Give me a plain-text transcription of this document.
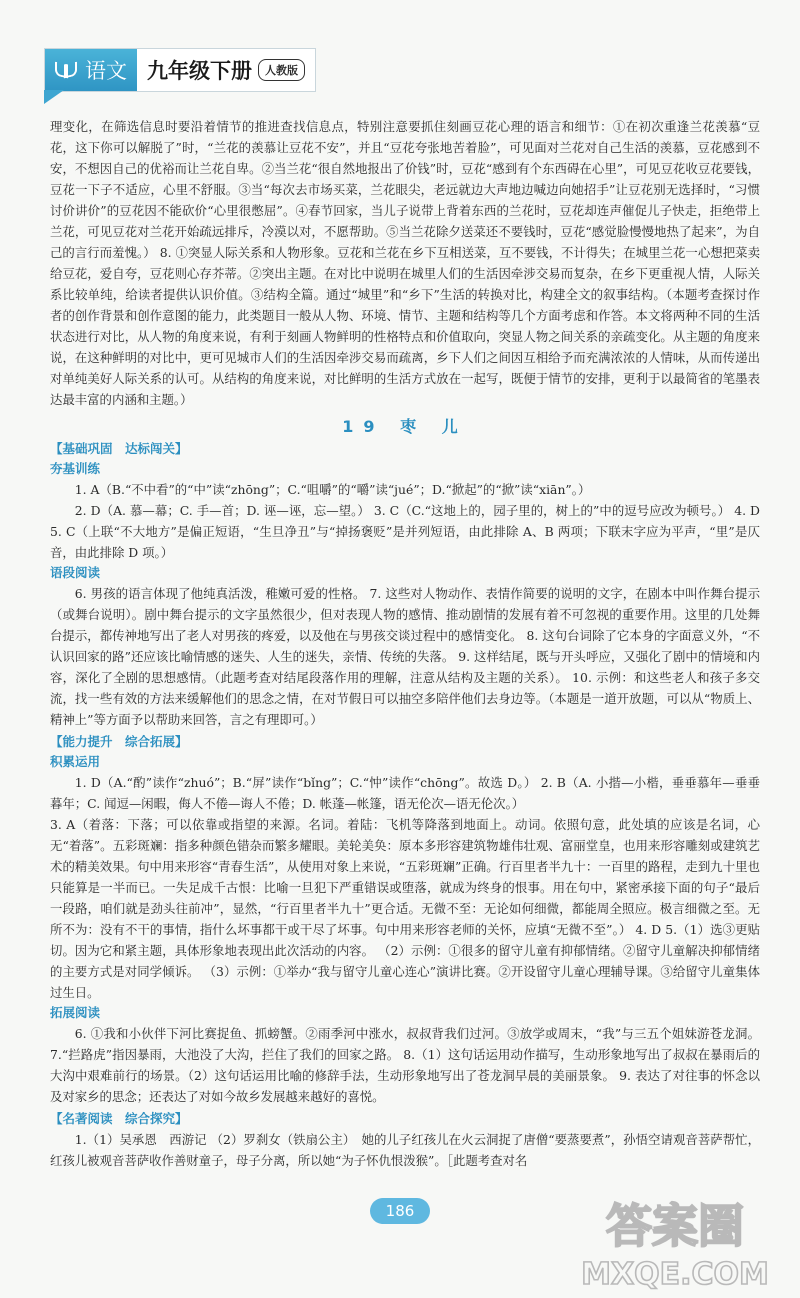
语文 九年级下册	人教版

理变化，在筛选信息时要沿着情节的推进查找信息点，特别注意要抓住刻画豆花心理的语言和细节：①在初次重逢兰花羡慕“豆花，这下你可以解脱了”时，“兰花的羡慕让豆花不安”，并且“豆花夸张地苦着脸”，可见面对兰花对自己生活的羡慕，豆花感到不安，不想因自己的优裕而让兰花自卑。②当兰花“很自然地报出了价钱”时，豆花“感到有个东西碍在心里”，可见豆花收豆花要钱，豆花一下子不适应，心里不舒服。③当“每次去市场买菜，兰花眼尖，老远就边大声地边喊边向她招手”让豆花别无选择时，“习惯讨价讲价”的豆花因不能砍价“心里很憋屈”。④春节回家，当儿子说带上背着东西的兰花时，豆花却连声催促儿子快走，拒绝带上兰花，可见豆花对兰花开始疏远排斥，冷漠以对，不愿帮助。⑤当兰花除夕送菜还不要钱时，豆花“感觉脸慢慢地热了起来”，为自己的言行而羞愧。） 8. ①突显人际关系和人物形象。豆花和兰花在乡下互相送菜，互不要钱，不计得失；在城里兰花一心想把菜卖给豆花，爱自夸，豆花则心存芥蒂。②突出主题。在对比中说明在城里人们的生活因牵涉交易而复杂，在乡下更重视人情，人际关系比较单纯，给读者提供认识价值。③结构全篇。通过“城里”和“乡下”生活的转换对比，构建全文的叙事结构。（本题考查探讨作者的创作背景和创作意图的能力，此类题目一般从人物、环境、情节、主题和结构等几个方面考虑和作答。本文将两种不同的生活状态进行对比，从人物的角度来说，有利于刻画人物鲜明的性格特点和价值取向，突显人物之间关系的亲疏变化。从主题的角度来说，在这种鲜明的对比中，更可见城市人们的生活因牵涉交易而疏离，乡下人们之间因互相给予而充满浓浓的人情味，从而传递出对单纯美好人际关系的认可。从结构的角度来说，对比鲜明的生活方式放在一起写，既便于情节的安排，更利于以最简省的笔墨表达最丰富的内涵和主题。）

19 枣 儿
【基础巩固　达标闯关】
夯基训练

1. A（B.“不中看”的“中”读“zhōng”；C.“咀嚼”的“嚼”读“jué”；D.“掀起”的“掀”读“xiān”。）

2. D（A. 慕—幕；C. 手—首；D. 诬—诬，忘—望。） 3. C（C.“这地上的，园子里的，树上的”中的逗号应改为顿号。） 4. D 5. C（上联“不大地方”是偏正短语，“生旦净丑”与“掉扬褒贬”是并列短语，由此排除 A、B 两项；下联末字应为平声，“里”是仄音，由此排除 D 项。）

语段阅读

6. 男孩的语言体现了他纯真活泼，稚嫩可爱的性格。 7. 这些对人物动作、表情作简要的说明的文字，在剧本中叫作舞台提示（或舞台说明）。剧中舞台提示的文字虽然很少，但对表现人物的感情、推动剧情的发展有着不可忽视的重要作用。这里的几处舞台提示，都传神地写出了老人对男孩的疼爱，以及他在与男孩交谈过程中的感情变化。 8. 这句台词除了它本身的字面意义外，“不认识回家的路”还应该比喻情感的迷失、人生的迷失，亲情、传统的失落。 9. 这样结尾，既与开头呼应，又强化了剧中的情境和内容，深化了全剧的思想感情。（此题考查对结尾段落作用的理解，注意从结构及主题的关系）。 10. 示例：和这些老人和孩子多交流，找一些有效的方法来缓解他们的思念之情，在对节假日可以抽空多陪伴他们去身边等。（本题是一道开放题，可以从“物质上、精神上”等方面予以帮助来回答，言之有理即可。）

【能力提升　综合拓展】
积累运用

1. D（A.“酌”读作“zhuó”；B.“屏”读作“bǐng”；C.“忡”读作“chōng”。故选 D。） 2. B（A. 小揩—小楷，垂垂慕年—垂垂暮年；C. 闻逗—闲暇，侮人不倦—诲人不倦；D. 帐蓬—帐篷，语无伦次—语无伦次。）

3. A（着落：下落；可以依靠或指望的来源。名词。着陆：飞机等降落到地面上。动词。依照句意，此处填的应该是名词，心无“着落”。五彩斑斓：指多种颜色错杂而繁多耀眼。美轮美奂：原本多形容建筑物雄伟壮观、富丽堂皇，也用来形容雕刻或建筑艺术的精美效果。句中用来形容“青春生活”，从使用对象上来说，“五彩斑斓”正确。行百里者半九十：一百里的路程，走到九十里也只能算是一半而已。一失足成千古恨：比喻一旦犯下严重错误或堕落，就成为终身的恨事。用在句中，紧密承接下面的句子“最后一段路，咱们就是劲头往前冲”，显然，“行百里者半九十”更合适。无微不至：无论如何细微，都能周全照应。极言细微之至。无所不为：没有不干的事情，指什么坏事都干或干尽了坏事。句中用来形容老师的关怀，应填“无微不至”。） 4. D 5.（1）选③更贴切。因为它和紧主题，具体形象地表现出此次活动的内容。 （2）示例：①很多的留守儿童有抑郁情绪。②留守儿童解决抑郁情绪的主要方式是对同学倾诉。 （3）示例：①举办“我与留守儿童心连心”演讲比赛。②开设留守儿童心理辅导课。③给留守儿童集体过生日。

拓展阅读

6. ①我和小伙伴下河比赛捉鱼、抓螃蟹。②雨季河中涨水，叔叔背我们过河。③放学或周末，“我”与三五个姐妹游苍龙洞。 7.“拦路虎”指因暴雨，大池没了大沟，拦住了我们的回家之路。 8.（1）这句话运用动作描写，生动形象地写出了叔叔在暴雨后的大沟中艰难前行的场景。（2）这句话运用比喻的修辞手法，生动形象地写出了苍龙洞早晨的美丽景象。 9. 表达了对往事的怀念以及对家乡的思念；还表达了对如今故乡发展越来越好的喜悦。

【名著阅读　综合探究】

1.（1）吴承恩　西游记 （2）罗刹女（铁扇公主）　她的儿子红孩儿在火云洞捉了唐僧“要蒸要煮”，孙悟空请观音菩萨帮忙，红孩儿被观音菩萨收作善财童子，母子分离，所以她“为子怀仇恨泼猴”。［此题考查对名

186	答案圈
MXQE.COM
